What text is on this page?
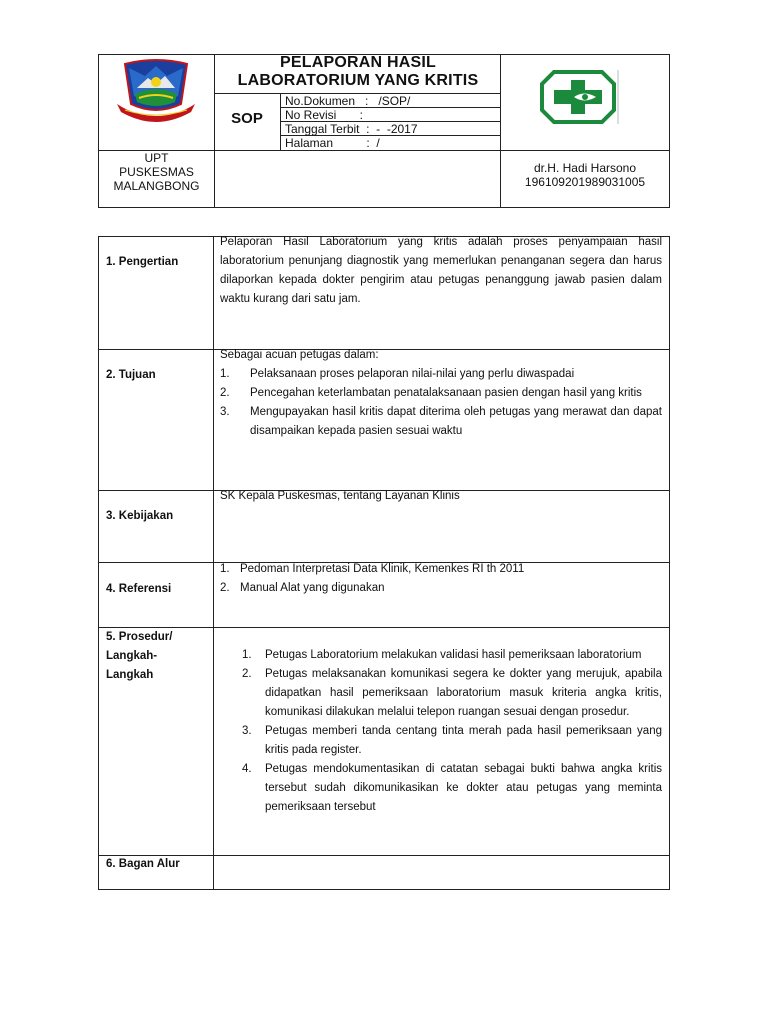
PELAPORAN HASIL
LABORATORIUM YANG KRITIS
SOP
No.Dokumen   :   /SOP/
No Revisi       :
Tanggal Terbit  :  -  -2017
Halaman          :  /
UPT
PUSKESMAS
MALANGBONG
dr.H. Hadi Harsono
196109201989031005
1. Pengertian
Pelaporan Hasil Laboratorium yang kritis adalah proses penyampaian hasil laboratorium penunjang diagnostik yang memerlukan penanganan segera dan harus dilaporkan kepada dokter pengirim atau petugas penanggung jawab pasien dalam waktu kurang dari satu jam.
2. Tujuan
Sebagai acuan petugas dalam:
1. Pelaksanaan proses pelaporan nilai-nilai yang perlu diwaspadai
2. Pencegahan keterlambatan penatalaksanaan pasien dengan hasil yang kritis
3. Mengupayakan hasil kritis dapat diterima oleh petugas yang merawat dan dapat disampaikan kepada pasien sesuai waktu
3. Kebijakan
SK Kepala Puskesmas, tentang Layanan Klinis
4. Referensi
1. Pedoman Interpretasi Data Klinik, Kemenkes RI th 2011
2. Manual Alat yang digunakan
5. Prosedur/
Langkah-
Langkah
1. Petugas Laboratorium melakukan validasi hasil pemeriksaan laboratorium
2. Petugas melaksanakan komunikasi segera ke dokter yang merujuk, apabila didapatkan hasil pemeriksaan laboratorium masuk kriteria angka kritis, komunikasi dilakukan melalui telepon ruangan sesuai dengan prosedur.
3. Petugas memberi tanda centang tinta merah pada hasil pemeriksaan yang kritis pada register.
4. Petugas mendokumentasikan di catatan sebagai bukti bahwa angka kritis tersebut sudah dikomunikasikan ke dokter atau petugas yang meminta pemeriksaan tersebut
6. Bagan Alur
